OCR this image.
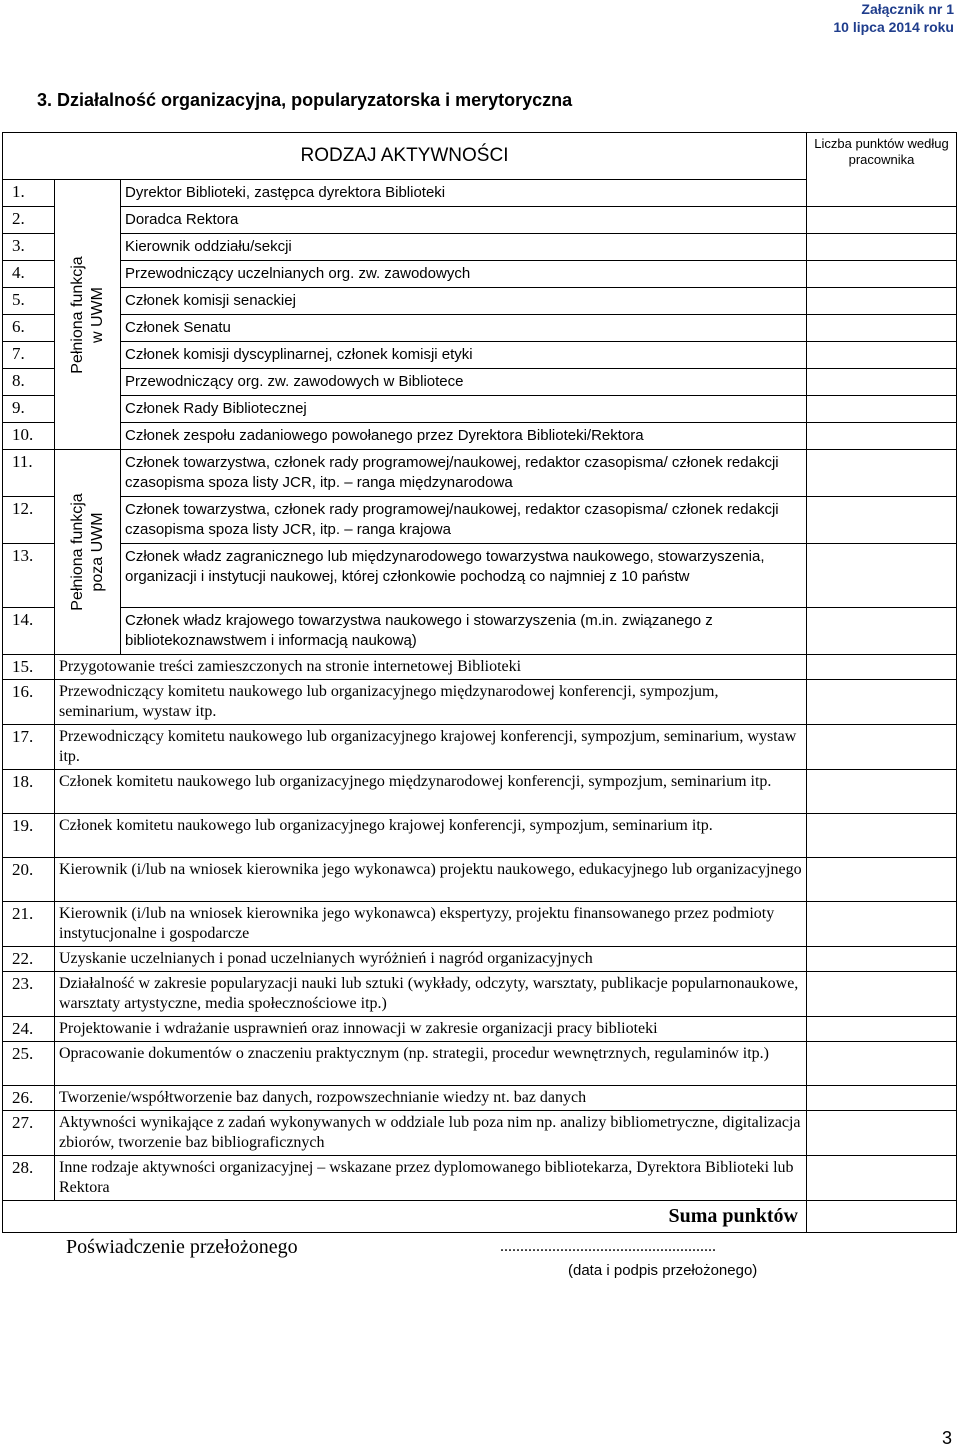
Załącznik nr 1
10 lipca 2014 roku
3. Działalność organizacyjna, popularyzatorska i merytoryczna
RODZAJ AKTYWNOŚCI			Liczba punktów według pracownika
1.	Pełniona funkcja w UWM	Dyrektor Biblioteki, zastępca dyrektora Biblioteki	
2.		Doradca Rektora	
3.		Kierownik oddziału/sekcji	
4.		Przewodniczący uczelnianych org. zw. zawodowych	
5.		Członek komisji senackiej	
6.		Członek Senatu	
7.		Członek komisji dyscyplinarnej, członek komisji etyki	
8.		Przewodniczący org. zw. zawodowych w Bibliotece	
9.		Członek Rady Bibliotecznej	
10.		Członek zespołu zadaniowego powołanego przez Dyrektora Biblioteki/Rektora	
11.	Pełniona funkcja poza UWM	Członek towarzystwa, członek rady programowej/naukowej, redaktor czasopisma/ członek redakcji czasopisma spoza listy JCR, itp. – ranga międzynarodowa	
12.		Członek towarzystwa, członek rady programowej/naukowej, redaktor czasopisma/ członek redakcji czasopisma spoza listy JCR, itp. – ranga krajowa	
13.		Członek władz zagranicznego lub międzynarodowego towarzystwa naukowego, stowarzyszenia, organizacji i instytucji naukowej, której członkowie pochodzą co najmniej z 10 państw	
14.		Członek władz krajowego towarzystwa naukowego i stowarzyszenia (m.in. związanego z bibliotekoznawstwem i informacją naukową)	
15.	Przygotowanie treści zamieszczonych na stronie internetowej Biblioteki		
16.	Przewodniczący komitetu naukowego lub organizacyjnego międzynarodowej konferencji, sympozjum, seminarium, wystaw itp.		
17.	Przewodniczący komitetu naukowego lub organizacyjnego krajowej konferencji, sympozjum, seminarium, wystaw itp.		
18.	Członek komitetu naukowego lub organizacyjnego międzynarodowej konferencji, sympozjum, seminarium itp.		
19.	Członek komitetu naukowego lub organizacyjnego krajowej konferencji, sympozjum, seminarium itp.		
20.	Kierownik (i/lub na wniosek kierownika jego wykonawca) projektu naukowego, edukacyjnego lub organizacyjnego		
21.	Kierownik (i/lub na wniosek kierownika jego wykonawca) ekspertyzy, projektu finansowanego przez podmioty instytucjonalne i gospodarcze		
22.	Uzyskanie uczelnianych i ponad uczelnianych wyróżnień i nagród organizacyjnych		
23.	Działalność w zakresie popularyzacji nauki lub sztuki (wykłady, odczyty, warsztaty, publikacje popularnonaukowe, warsztaty artystyczne, media społecznościowe itp.)		
24.	Projektowanie i wdrażanie usprawnień oraz innowacji w zakresie organizacji pracy biblioteki		
25.	Opracowanie dokumentów o znaczeniu praktycznym (np. strategii, procedur wewnętrznych, regulaminów itp.)		
26.	Tworzenie/współtworzenie baz danych, rozpowszechnianie wiedzy nt. baz danych		
27.	Aktywności wynikające z zadań wykonywanych w oddziale lub poza nim np. analizy bibliometryczne, digitalizacja zbiorów, tworzenie baz bibliograficznych		
28.	Inne rodzaje aktywności organizacyjnej – wskazane przez dyplomowanego bibliotekarza, Dyrektora Biblioteki lub Rektora		
Suma punktów			
Poświadczenie przełożonego	......................................................
(data i podpis przełożonego)
3
